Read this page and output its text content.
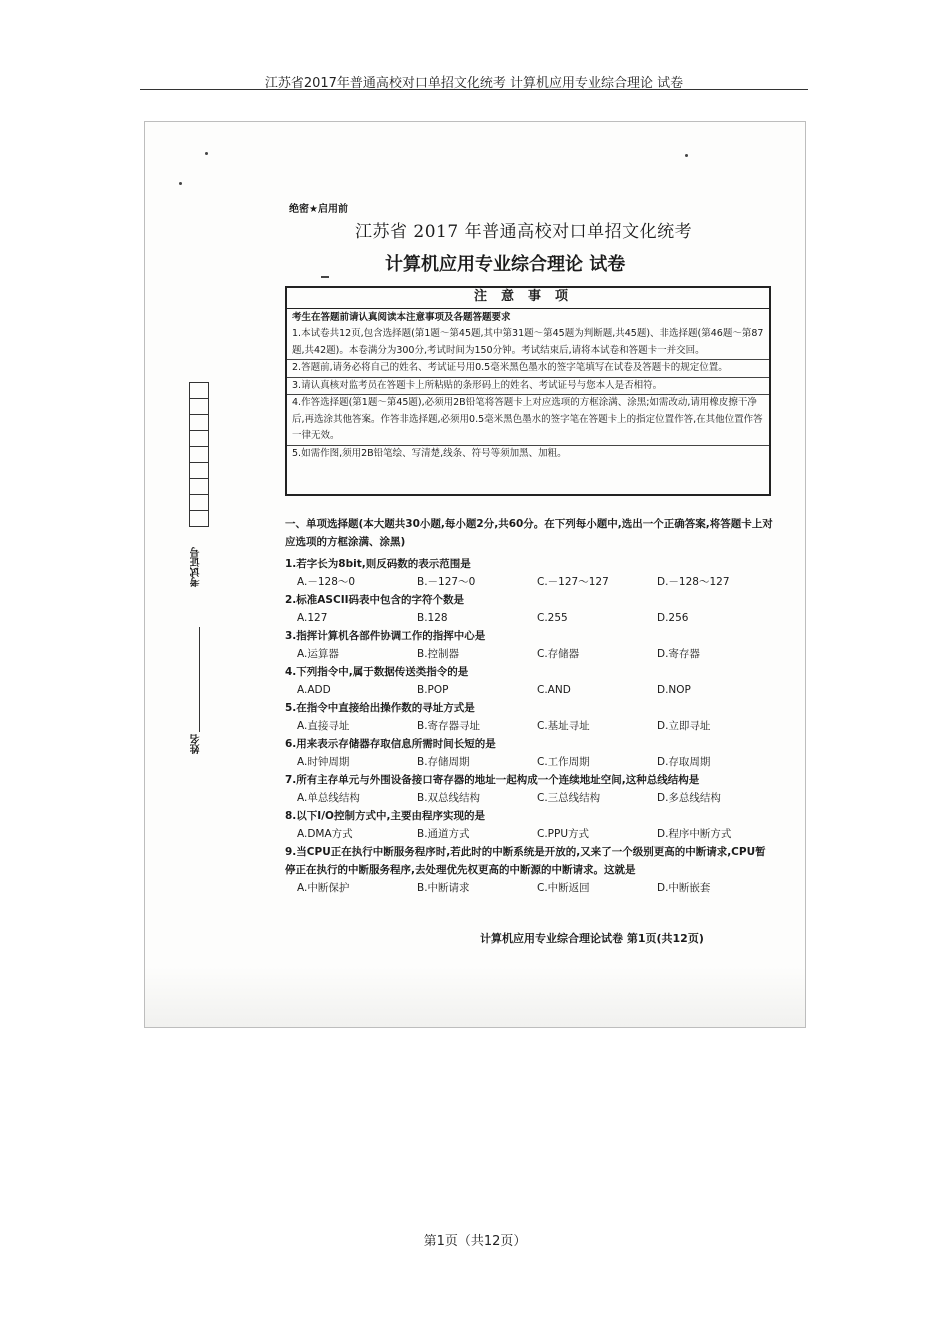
江苏省2017年普通高校对口单招文化统考 计算机应用专业综合理论 试卷
绝密★启用前
江苏省 2017 年普通高校对口单招文化统考
计算机应用专业综合理论 试卷
注意事项
考生在答题前请认真阅读本注意事项及各题答题要求
1.本试卷共12页,包含选择题(第1题～第45题,其中第31题～第45题为判断题,共45题)、非选择题(第46题～第87题,共42题)。本卷满分为300分,考试时间为150分钟。考试结束后,请将本试卷和答题卡一并交回。
2.答题前,请务必将自己的姓名、考试证号用0.5毫米黑色墨水的签字笔填写在试卷及答题卡的规定位置。
3.请认真核对监考员在答题卡上所粘贴的条形码上的姓名、考试证号与您本人是否相符。
4.作答选择题(第1题～第45题),必须用2B铅笔将答题卡上对应选项的方框涂满、涂黑;如需改动,请用橡皮擦干净后,再选涂其他答案。作答非选择题,必须用0.5毫米黑色墨水的签字笔在答题卡上的指定位置作答,在其他位置作答一律无效。
5.如需作图,须用2B铅笔绘、写清楚,线条、符号等须加黑、加粗。
考试证号
姓名
一、单项选择题(本大题共30小题,每小题2分,共60分。在下列每小题中,选出一个正确答案,将答题卡上对应选项的方框涂满、涂黑)
1.若字长为8bit,则反码数的表示范围是
A.－128～0	B.－127～0	C.－127～127	D.－128～127
2.标准ASCII码表中包含的字符个数是
A.127	B.128	C.255	D.256
3.指挥计算机各部件协调工作的指挥中心是
A.运算器	B.控制器	C.存储器	D.寄存器
4.下列指令中,属于数据传送类指令的是
A.ADD	B.POP	C.AND	D.NOP
5.在指令中直接给出操作数的寻址方式是
A.直接寻址	B.寄存器寻址	C.基址寻址	D.立即寻址
6.用来表示存储器存取信息所需时间长短的是
A.时钟周期	B.存储周期	C.工作周期	D.存取周期
7.所有主存单元与外围设备接口寄存器的地址一起构成一个连续地址空间,这种总线结构是
A.单总线结构	B.双总线结构	C.三总线结构	D.多总线结构
8.以下I/O控制方式中,主要由程序实现的是
A.DMA方式	B.通道方式	C.PPU方式	D.程序中断方式
9.当CPU正在执行中断服务程序时,若此时的中断系统是开放的,又来了一个级别更高的中断请求,CPU暂停正在执行的中断服务程序,去处理优先权更高的中断源的中断请求。这就是
A.中断保护	B.中断请求	C.中断返回	D.中断嵌套
计算机应用专业综合理论试卷 第1页(共12页)
第1页（共12页）
